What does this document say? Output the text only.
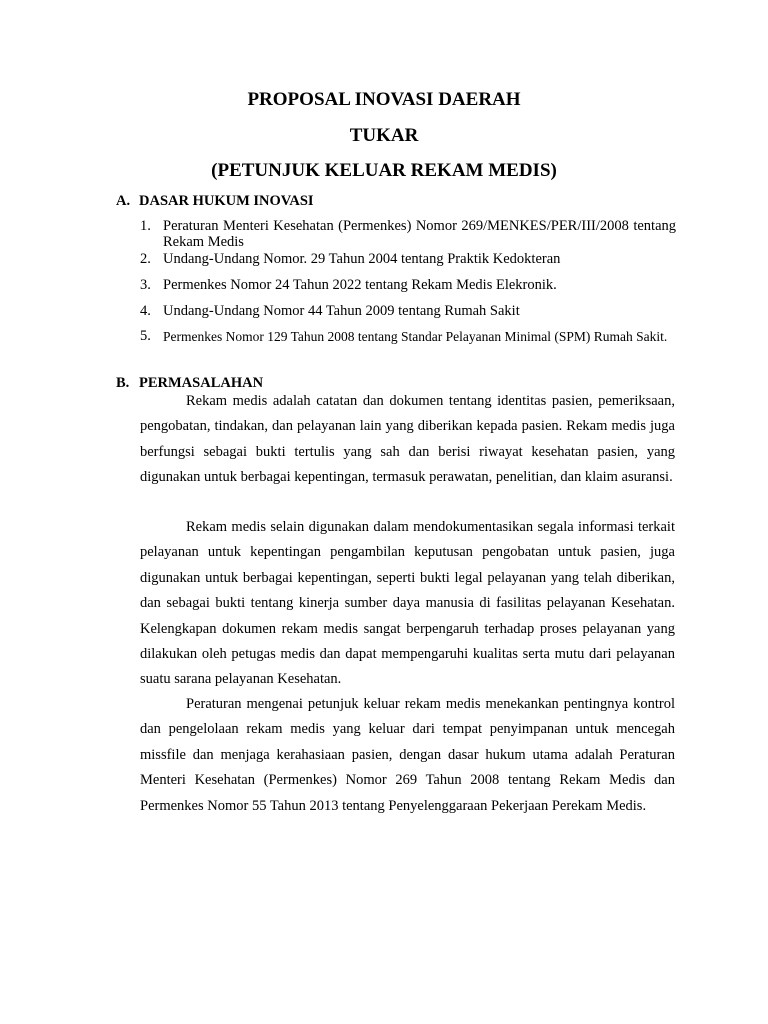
PROPOSAL INOVASI DAERAH
TUKAR
(PETUNJUK KELUAR REKAM MEDIS)
A. DASAR HUKUM INOVASI
1. Peraturan Menteri Kesehatan (Permenkes) Nomor 269/MENKES/PER/III/2008 tentang Rekam Medis
2. Undang-Undang Nomor. 29 Tahun 2004 tentang Praktik Kedokteran
3. Permenkes Nomor 24 Tahun 2022 tentang Rekam Medis Elekronik.
4. Undang-Undang Nomor 44 Tahun 2009 tentang Rumah Sakit
5. Permenkes Nomor 129 Tahun 2008 tentang Standar Pelayanan Minimal (SPM) Rumah Sakit.
B. PERMASALAHAN

Rekam medis adalah catatan dan dokumen tentang identitas pasien, pemeriksaan, pengobatan, tindakan, dan pelayanan lain yang diberikan kepada pasien. Rekam medis juga berfungsi sebagai bukti tertulis yang sah dan berisi riwayat kesehatan pasien, yang digunakan untuk berbagai kepentingan, termasuk perawatan, penelitian, dan klaim asuransi.

Rekam medis selain digunakan dalam mendokumentasikan segala informasi terkait pelayanan untuk kepentingan pengambilan keputusan pengobatan untuk pasien, juga digunakan untuk berbagai kepentingan, seperti bukti legal pelayanan yang telah diberikan, dan sebagai bukti tentang kinerja sumber daya manusia di fasilitas pelayanan Kesehatan. Kelengkapan dokumen rekam medis sangat berpengaruh terhadap proses pelayanan yang dilakukan oleh petugas medis dan dapat mempengaruhi kualitas serta mutu dari pelayanan suatu sarana pelayanan Kesehatan.

Peraturan mengenai petunjuk keluar rekam medis menekankan pentingnya kontrol dan pengelolaan rekam medis yang keluar dari tempat penyimpanan untuk mencegah missfile dan menjaga kerahasiaan pasien, dengan dasar hukum utama adalah Peraturan Menteri Kesehatan (Permenkes) Nomor 269 Tahun 2008 tentang Rekam Medis dan Permenkes Nomor 55 Tahun 2013 tentang Penyelenggaraan Pekerjaan Perekam Medis.
